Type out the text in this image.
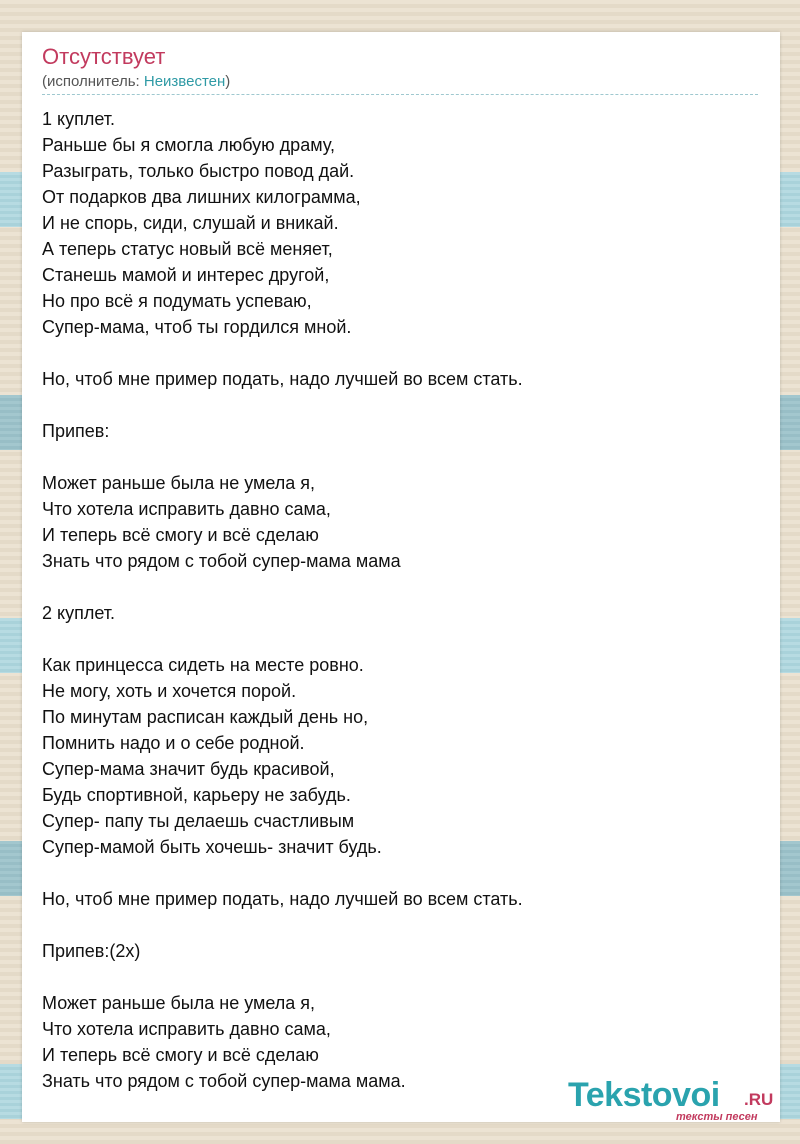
Отсутствует
(исполнитель: Неизвестен)
1 куплет.
Раньше бы я смогла любую драму,
Разыграть, только быстро повод дай.
От подарков два лишних килограмма,
И не спорь, сиди, слушай и вникай.
А теперь статус новый всё меняет,
Станешь мамой и интерес другой,
Но про всё я подумать успеваю,
Супер-мама, чтоб ты гордился мной.
Но, чтоб мне пример подать, надо лучшей во всем стать.
Припев:
Может раньше была не умела я,
Что хотела исправить давно сама,
И теперь всё смогу и всё сделаю
Знать что рядом с тобой супер-мама мама
2 куплет.
Как принцесса сидеть на месте ровно.
Не могу, хоть и хочется порой.
По минутам расписан каждый день но,
Помнить надо и о себе родной.
Супер-мама значит будь красивой,
Будь спортивной, карьеру не забудь.
Супер- папу ты делаешь счастливым
Супер-мамой быть хочешь- значит будь.
Но, чтоб мне пример подать, надо лучшей во всем стать.
Припев:(2х)
Может раньше была не умела я,
Что хотела исправить давно сама,
И теперь всё смогу и всё сделаю
Знать что рядом с тобой супер-мама мама.	Tekstovoi .RU
тексты песен
